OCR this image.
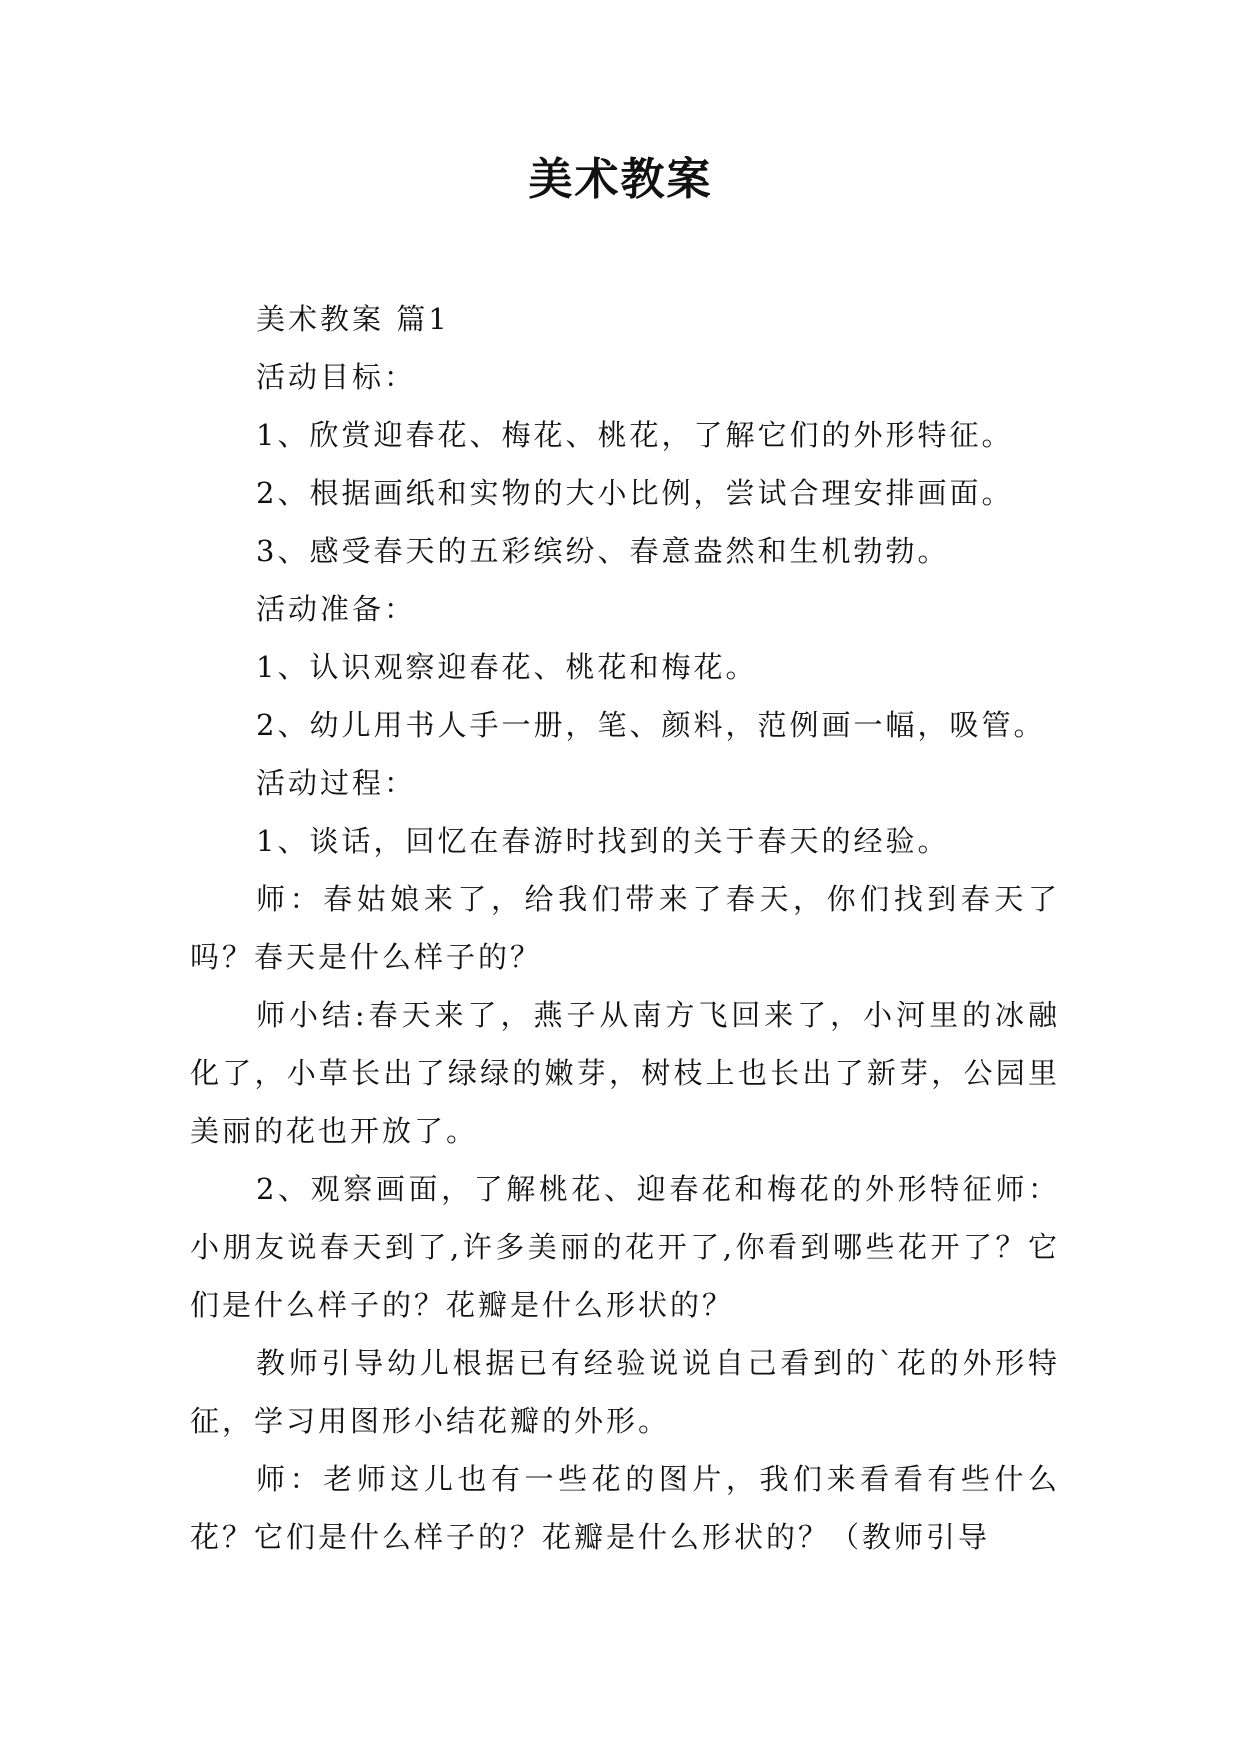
美术教案

美术教案 篇1

活动目标：

1、欣赏迎春花、梅花、桃花，了解它们的外形特征。

2、根据画纸和实物的大小比例，尝试合理安排画面。

3、感受春天的五彩缤纷、春意盎然和生机勃勃。

活动准备：

1、认识观察迎春花、桃花和梅花。

2、幼儿用书人手一册，笔、颜料，范例画一幅，吸管。

活动过程：

1、谈话，回忆在春游时找到的关于春天的经验。

师：春姑娘来了，给我们带来了春天，你们找到春天了吗？春天是什么样子的？

师小结:春天来了，燕子从南方飞回来了，小河里的冰融化了，小草长出了绿绿的嫩芽，树枝上也长出了新芽，公园里美丽的花也开放了。

2、观察画面，了解桃花、迎春花和梅花的外形特征师：小朋友说春天到了,许多美丽的花开了,你看到哪些花开了？它们是什么样子的？花瓣是什么形状的？

教师引导幼儿根据已有经验说说自己看到的`花的外形特征，学习用图形小结花瓣的外形。

师：老师这儿也有一些花的图片，我们来看看有些什么花？它们是什么样子的？花瓣是什么形状的？（教师引导
